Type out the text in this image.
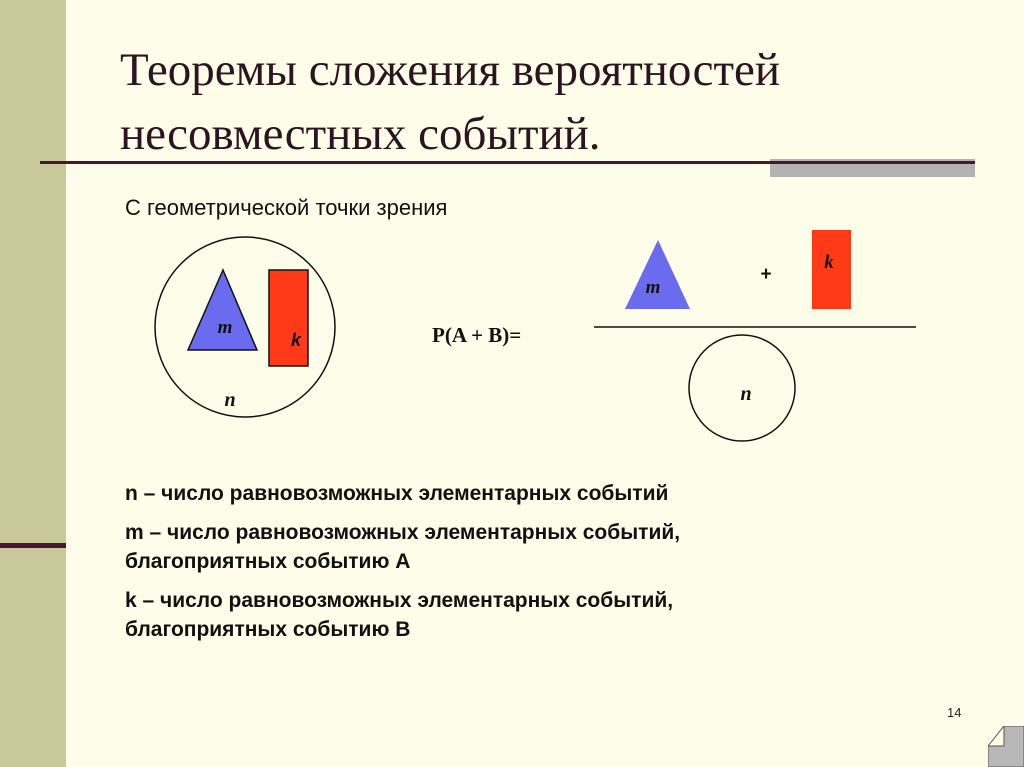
Теоремы сложения вероятностей
несовместных событий.
С геометрической точки зрения
m
k
n
m
+
k
n
P(A + B)=

n – число равновозможных элементарных событий

m – число равновозможных элементарных событий,
благоприятных событию А

k – число равновозможных элементарных событий,
благоприятных событию В

14
